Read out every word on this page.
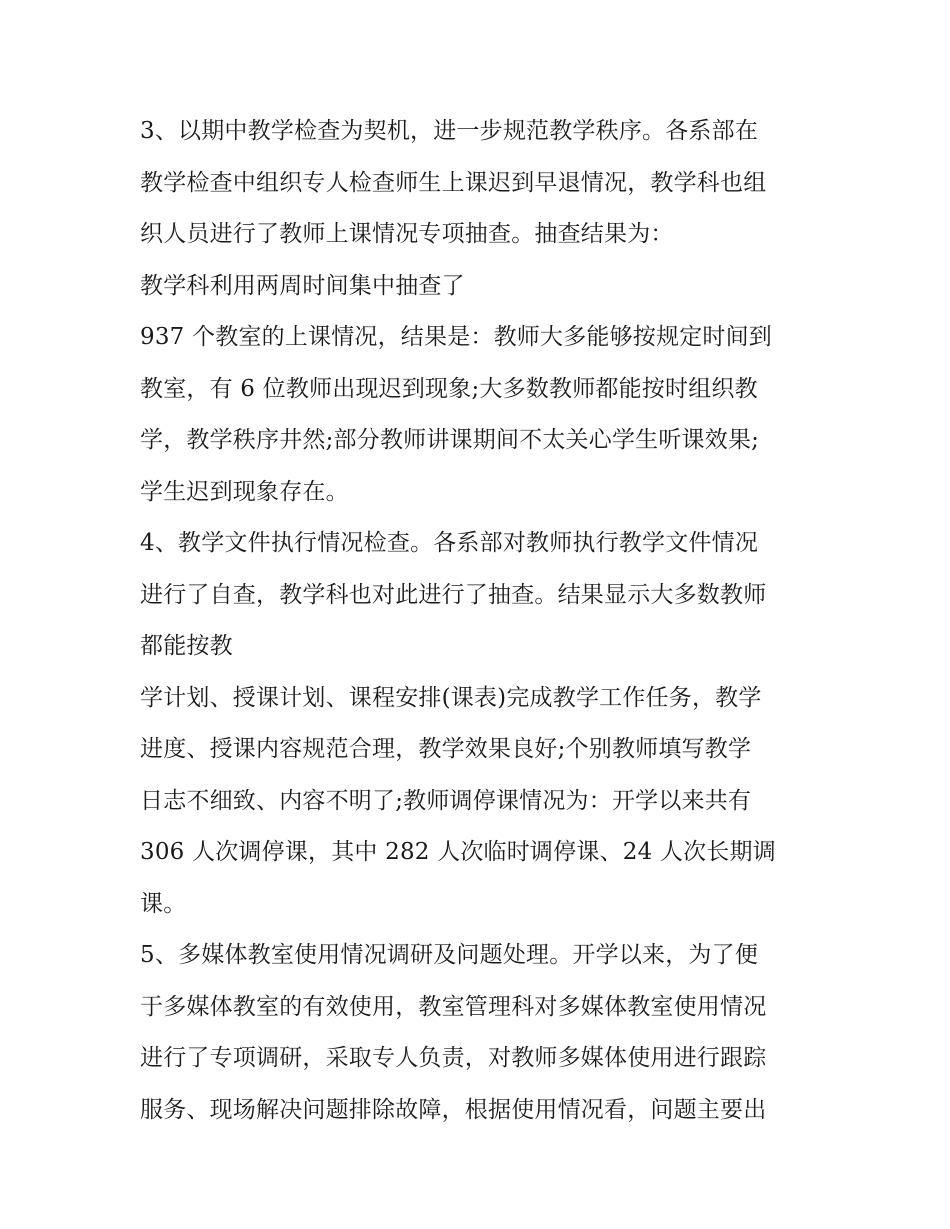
3、以期中教学检查为契机，进一步规范教学秩序。各系部在
教学检查中组织专人检查师生上课迟到早退情况，教学科也组
织人员进行了教师上课情况专项抽查。抽查结果为：
教学科利用两周时间集中抽查了
937 个教室的上课情况，结果是：教师大多能够按规定时间到
教室，有 6 位教师出现迟到现象;大多数教师都能按时组织教
学，教学秩序井然;部分教师讲课期间不太关心学生听课效果;
学生迟到现象存在。
4、教学文件执行情况检查。各系部对教师执行教学文件情况
进行了自查，教学科也对此进行了抽查。结果显示大多数教师
都能按教
学计划、授课计划、课程安排(课表)完成教学工作任务，教学
进度、授课内容规范合理，教学效果良好;个别教师填写教学
日志不细致、内容不明了;教师调停课情况为：开学以来共有
306 人次调停课，其中 282 人次临时调停课、24 人次长期调
课。
5、多媒体教室使用情况调研及问题处理。开学以来，为了便
于多媒体教室的有效使用，教室管理科对多媒体教室使用情况
进行了专项调研，采取专人负责，对教师多媒体使用进行跟踪
服务、现场解决问题排除故障，根据使用情况看，问题主要出
